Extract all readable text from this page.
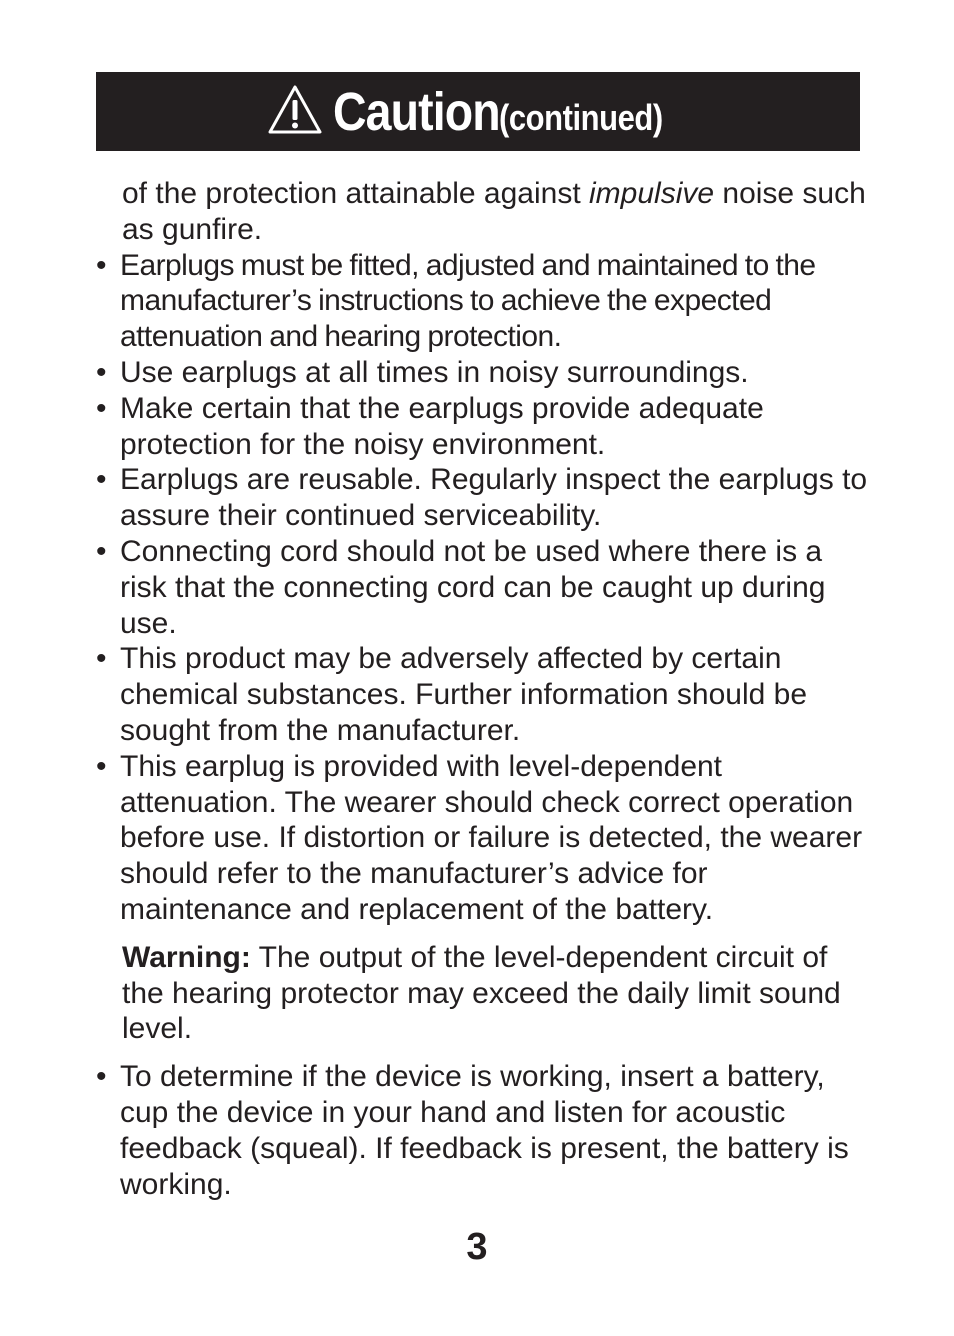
Caution (continued)

of the protection attainable against impulsive noise such as gunfire.

• Earplugs must be fitted, adjusted and maintained to the manufacturer’s instructions to achieve the expected attenuation and hearing protection.

• Use earplugs at all times in noisy surroundings.

• Make certain that the earplugs provide adequate protection for the noisy environment.

• Earplugs are reusable. Regularly inspect the earplugs to assure their continued serviceability.

• Connecting cord should not be used where there is a risk that the connecting cord can be caught up during use.

• This product may be adversely affected by certain chemical substances. Further information should be sought from the manufacturer.

• This earplug is provided with level-dependent attenuation. The wearer should check correct operation before use. If distortion or failure is detected, the wearer should refer to the manufacturer’s advice for maintenance and replacement of the battery.

Warning: The output of the level-dependent circuit of the hearing protector may exceed the daily limit sound level.

• To determine if the device is working, insert a battery, cup the device in your hand and listen for acoustic feedback (squeal). If feedback is present, the battery is working.

3
